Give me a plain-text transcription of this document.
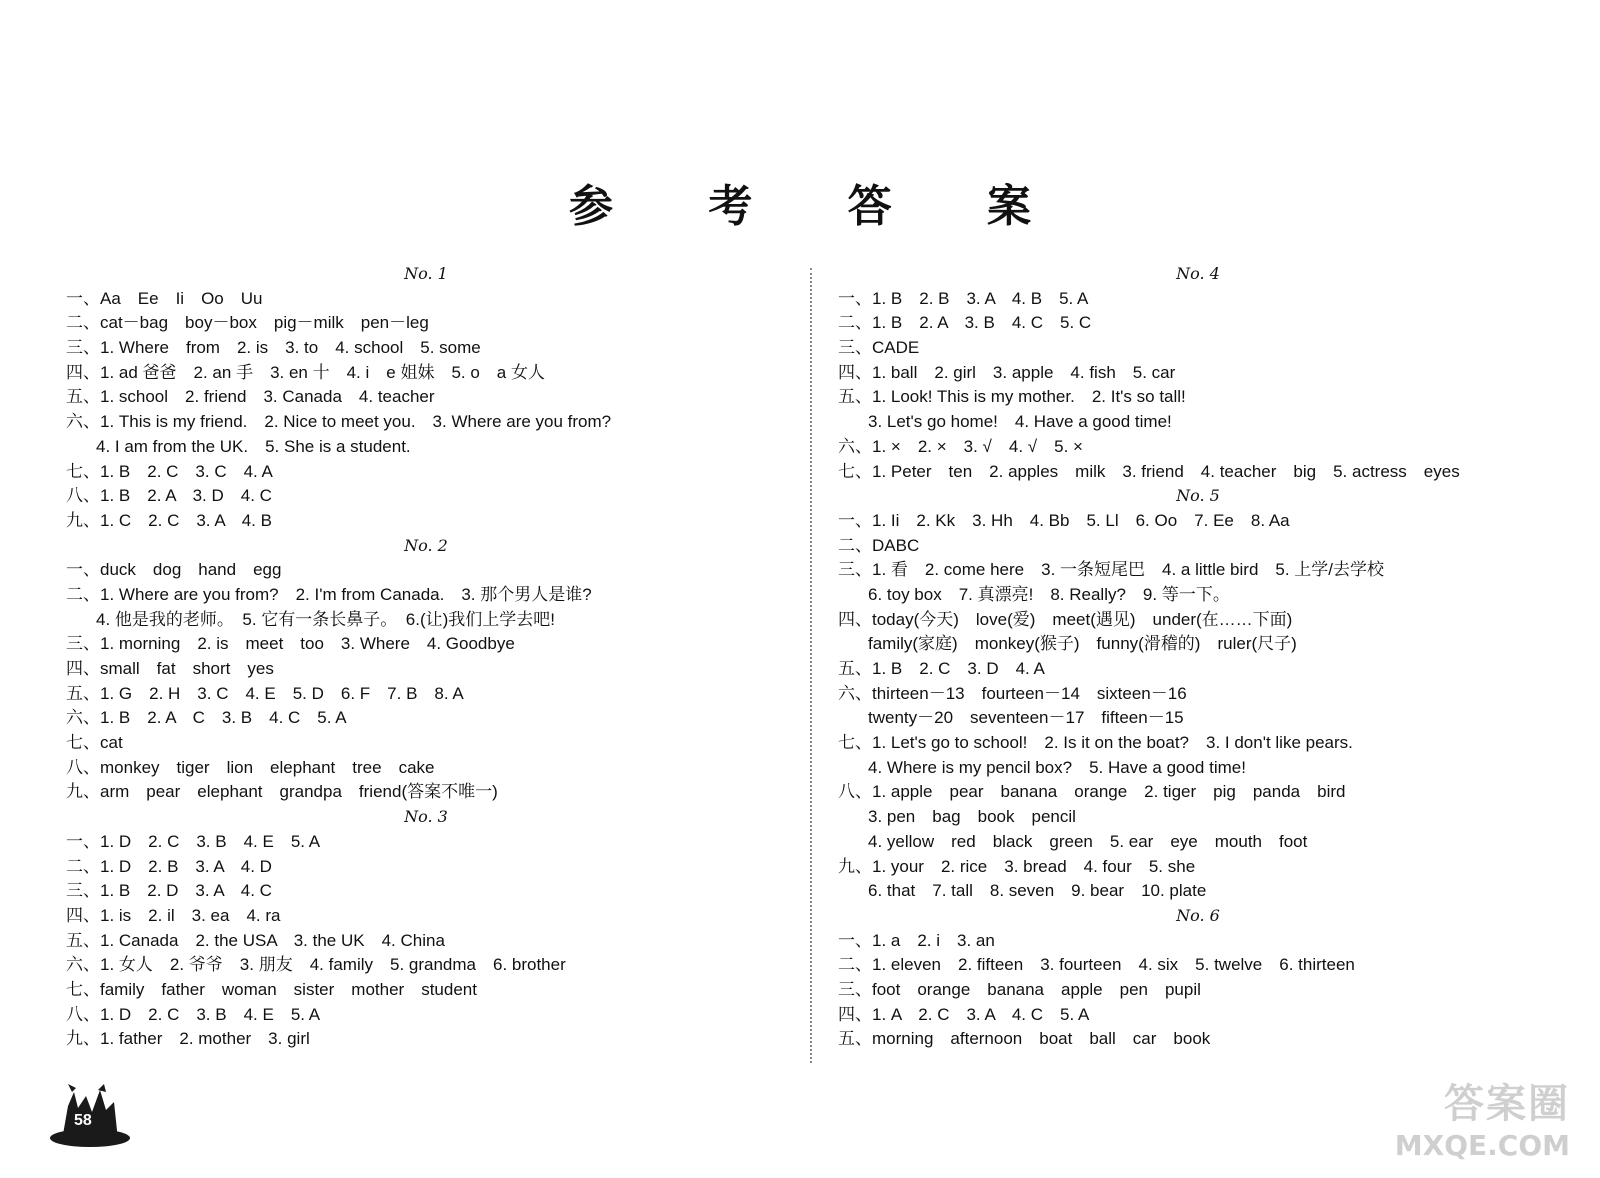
参 考 答 案
No. 1
一、Aa　Ee　Ii　Oo　Uu
二、cat－bag　boy－box　pig－milk　pen－leg
三、1. Where　from　2. is　3. to　4. school　5. some
四、1. ad 爸爸　2. an 手　3. en 十　4. i　e 姐妹　5. o　a 女人
五、1. school　2. friend　3. Canada　4. teacher
六、1. This is my friend.　2. Nice to meet you.　3. Where are you from?
4. I am from the UK.　5. She is a student.
七、1. B　2. C　3. C　4. A
八、1. B　2. A　3. D　4. C
九、1. C　2. C　3. A　4. B
No. 2
一、duck　dog　hand　egg
二、1. Where are you from?　2. I'm from Canada.　3. 那个男人是谁?
4. 他是我的老师。　5. 它有一条长鼻子。　6.(让)我们上学去吧!
三、1. morning　2. is　meet　too　3. Where　4. Goodbye
四、small　fat　short　yes
五、1. G　2. H　3. C　4. E　5. D　6. F　7. B　8. A
六、1. B　2. A　C　3. B　4. C　5. A
七、cat
八、monkey　tiger　lion　elephant　tree　cake
九、arm　pear　elephant　grandpa　friend(答案不唯一)
No. 3
一、1. D　2. C　3. B　4. E　5. A
二、1. D　2. B　3. A　4. D
三、1. B　2. D　3. A　4. C
四、1. is　2. il　3. ea　4. ra
五、1. Canada　2. the USA　3. the UK　4. China
六、1. 女人　2. 爷爷　3. 朋友　4. family　5. grandma　6. brother
七、family　father　woman　sister　mother　student
八、1. D　2. C　3. B　4. E　5. A
九、1. father　2. mother　3. girl
No. 4
一、1. B　2. B　3. A　4. B　5. A
二、1. B　2. A　3. B　4. C　5. C
三、CADE
四、1. ball　2. girl　3. apple　4. fish　5. car
五、1. Look! This is my mother.　2. It's so tall!
3. Let's go home!　4. Have a good time!
六、1. ×　2. ×　3. √　4. √　5. ×
七、1. Peter　ten　2. apples　milk　3. friend　4. teacher　big　5. actress　eyes
No. 5
一、1. Ii　2. Kk　3. Hh　4. Bb　5. Ll　6. Oo　7. Ee　8. Aa
二、DABC
三、1. 看　2. come here　3. 一条短尾巴　4. a little bird　5. 上学/去学校
6. toy box　7. 真漂亮!　8. Really?　9. 等一下。
四、today(今天)　love(爱)　meet(遇见)　under(在……下面)
family(家庭)　monkey(猴子)　funny(滑稽的)　ruler(尺子)
五、1. B　2. C　3. D　4. A
六、thirteen－13　fourteen－14　sixteen－16
twenty－20　seventeen－17　fifteen－15
七、1. Let's go to school!　2. Is it on the boat?　3. I don't like pears.
4. Where is my pencil box?　5. Have a good time!
八、1. apple　pear　banana　orange　2. tiger　pig　panda　bird
3. pen　bag　book　pencil
4. yellow　red　black　green　5. ear　eye　mouth　foot
九、1. your　2. rice　3. bread　4. four　5. she
6. that　7. tall　8. seven　9. bear　10. plate
No. 6
一、1. a　2. i　3. an
二、1. eleven　2. fifteen　3. fourteen　4. six　5. twelve　6. thirteen
三、foot　orange　banana　apple　pen　pupil
四、1. A　2. C　3. A　4. C　5. A
五、morning　afternoon　boat　ball　car　book
58	答案圈
MXQE.COM
